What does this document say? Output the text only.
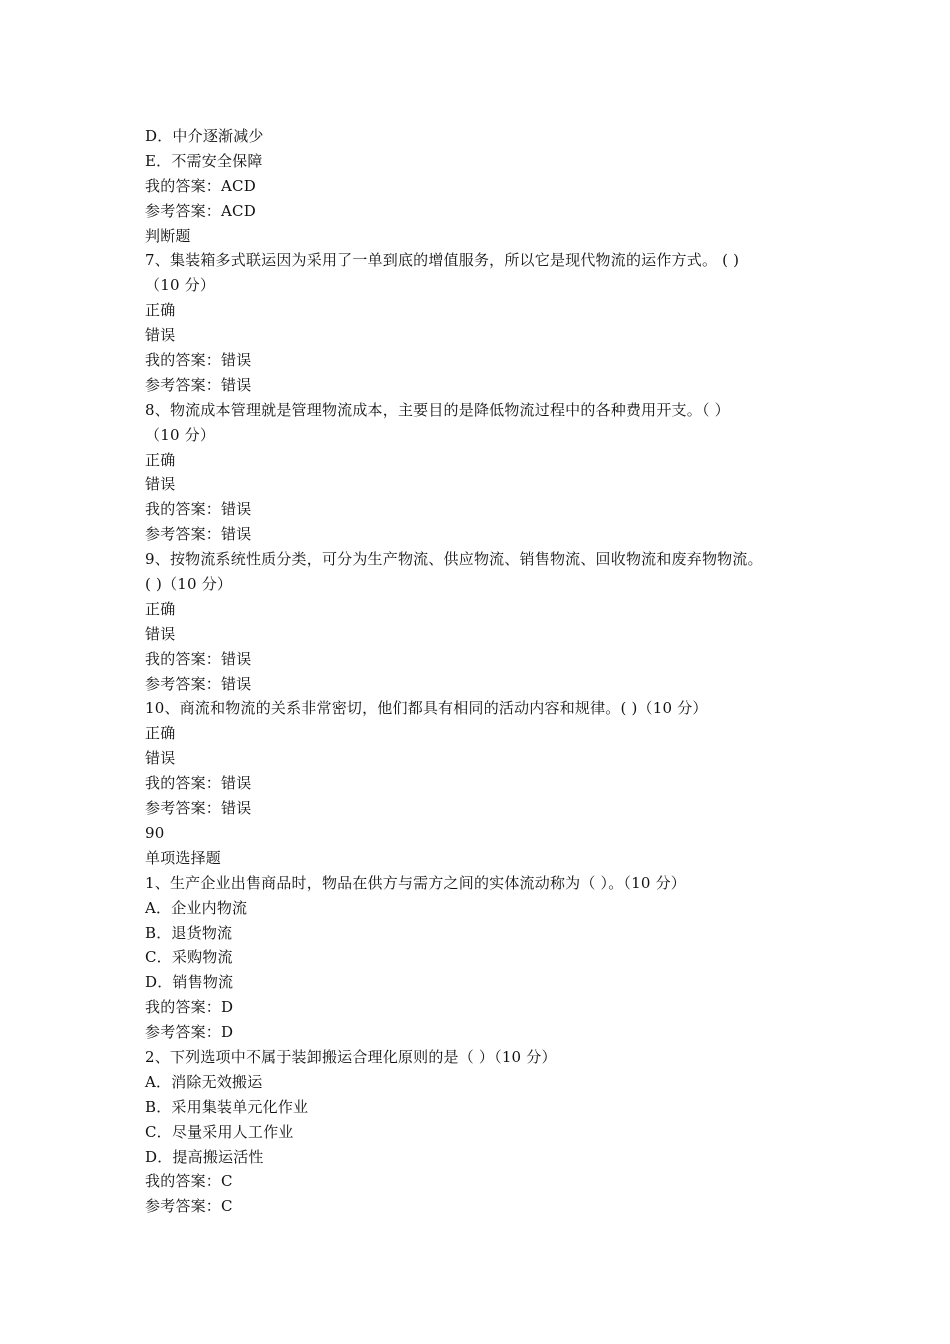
D．中介逐渐减少
E．不需安全保障
我的答案：ACD
参考答案：ACD
判断题
7、集装箱多式联运因为采用了一单到底的增值服务，所以它是现代物流的运作方式。 ( )
（10 分）
正确
错误
我的答案：错误
参考答案：错误
8、物流成本管理就是管理物流成本，主要目的是降低物流过程中的各种费用开支。（ ）
（10 分）
正确
错误
我的答案：错误
参考答案：错误
9、按物流系统性质分类，可分为生产物流、供应物流、销售物流、回收物流和废弃物物流。
( )（10 分）
正确
错误
我的答案：错误
参考答案：错误
10、商流和物流的关系非常密切，他们都具有相同的活动内容和规律。( )（10 分）
正确
错误
我的答案：错误
参考答案：错误
90
单项选择题
1、生产企业出售商品时，物品在供方与需方之间的实体流动称为（ ）。（10 分）
A．企业内物流
B．退货物流
C．采购物流
D．销售物流
我的答案：D
参考答案：D
2、下列选项中不属于装卸搬运合理化原则的是（ ）（10 分）
A．消除无效搬运
B．采用集装单元化作业
C．尽量采用人工作业
D．提高搬运活性
我的答案：C
参考答案：C
